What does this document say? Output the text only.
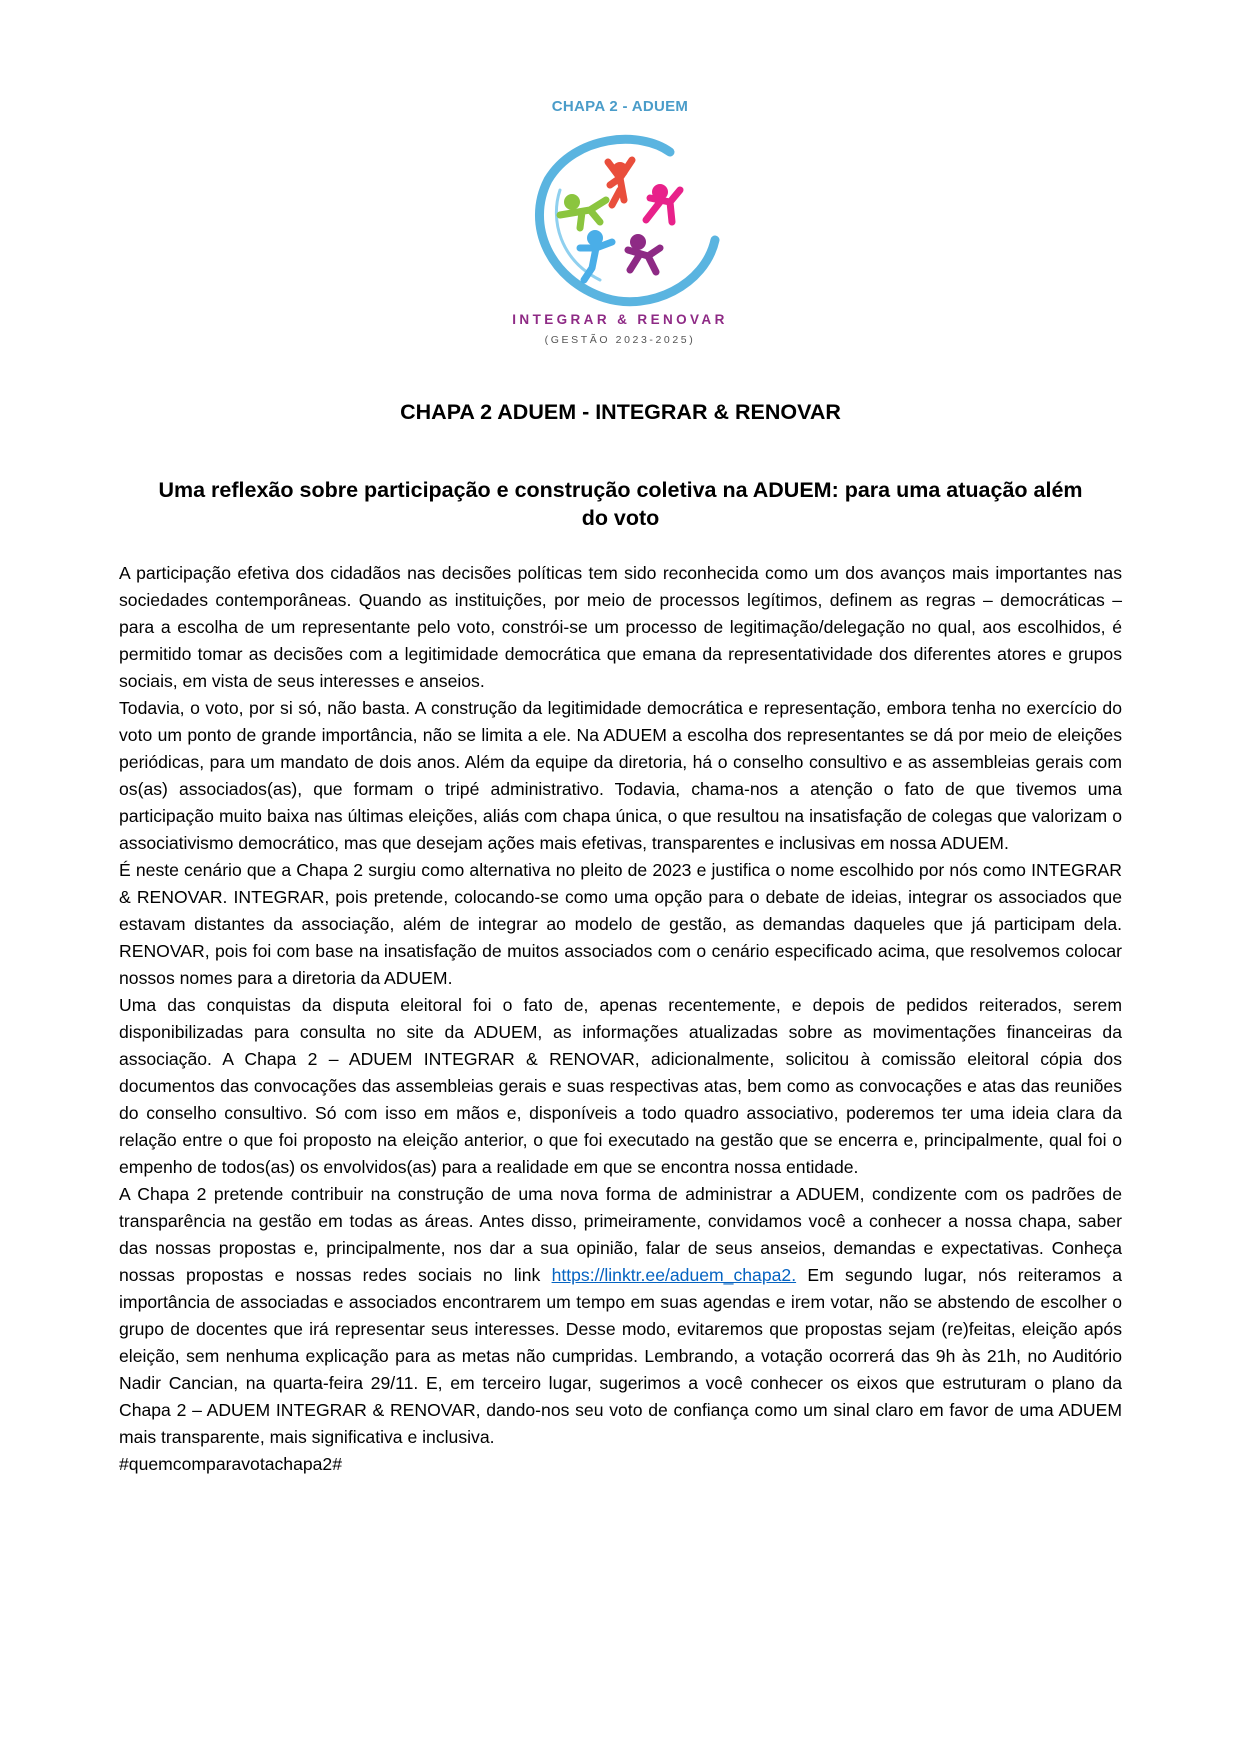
CHAPA 2 - ADUEM
INTEGRAR & RENOVAR
(GESTÃO 2023-2025)
CHAPA 2 ADUEM - INTEGRAR & RENOVAR
Uma reflexão sobre participação e construção coletiva na ADUEM: para uma atuação além do voto

A participação efetiva dos cidadãos nas decisões políticas tem sido reconhecida como um dos avanços mais importantes nas sociedades contemporâneas. Quando as instituições, por meio de processos legítimos, definem as regras – democráticas – para a escolha de um representante pelo voto, constrói-se um processo de legitimação/delegação no qual, aos escolhidos, é permitido tomar as decisões com a legitimidade democrática que emana da representatividade dos diferentes atores e grupos sociais, em vista de seus interesses e anseios.

Todavia, o voto, por si só, não basta. A construção da legitimidade democrática e representação, embora tenha no exercício do voto um ponto de grande importância, não se limita a ele. Na ADUEM a escolha dos representantes se dá por meio de eleições periódicas, para um mandato de dois anos. Além da equipe da diretoria, há o conselho consultivo e as assembleias gerais com os(as) associados(as), que formam o tripé administrativo. Todavia, chama-nos a atenção o fato de que tivemos uma participação muito baixa nas últimas eleições, aliás com chapa única, o que resultou na insatisfação de colegas que valorizam o associativismo democrático, mas que desejam ações mais efetivas, transparentes e inclusivas em nossa ADUEM.

É neste cenário que a Chapa 2 surgiu como alternativa no pleito de 2023 e justifica o nome escolhido por nós como INTEGRAR & RENOVAR. INTEGRAR, pois pretende, colocando-se como uma opção para o debate de ideias, integrar os associados que estavam distantes da associação, além de integrar ao modelo de gestão, as demandas daqueles que já participam dela. RENOVAR, pois foi com base na insatisfação de muitos associados com o cenário especificado acima, que resolvemos colocar nossos nomes para a diretoria da ADUEM.

Uma das conquistas da disputa eleitoral foi o fato de, apenas recentemente, e depois de pedidos reiterados, serem disponibilizadas para consulta no site da ADUEM, as informações atualizadas sobre as movimentações financeiras da associação. A Chapa 2 – ADUEM INTEGRAR & RENOVAR, adicionalmente, solicitou à comissão eleitoral cópia dos documentos das convocações das assembleias gerais e suas respectivas atas, bem como as convocações e atas das reuniões do conselho consultivo. Só com isso em mãos e, disponíveis a todo quadro associativo, poderemos ter uma ideia clara da relação entre o que foi proposto na eleição anterior, o que foi executado na gestão que se encerra e, principalmente, qual foi o empenho de todos(as) os envolvidos(as) para a realidade em que se encontra nossa entidade.

A Chapa 2 pretende contribuir na construção de uma nova forma de administrar a ADUEM, condizente com os padrões de transparência na gestão em todas as áreas. Antes disso, primeiramente, convidamos você a conhecer a nossa chapa, saber das nossas propostas e, principalmente, nos dar a sua opinião, falar de seus anseios, demandas e expectativas. Conheça nossas propostas e nossas redes sociais no link https://linktr.ee/aduem_chapa2. Em segundo lugar, nós reiteramos a importância de associadas e associados encontrarem um tempo em suas agendas e irem votar, não se abstendo de escolher o grupo de docentes que irá representar seus interesses. Desse modo, evitaremos que propostas sejam (re)feitas, eleição após eleição, sem nenhuma explicação para as metas não cumpridas. Lembrando, a votação ocorrerá das 9h às 21h, no Auditório Nadir Cancian, na quarta-feira 29/11. E, em terceiro lugar, sugerimos a você conhecer os eixos que estruturam o plano da Chapa 2 – ADUEM INTEGRAR & RENOVAR, dando-nos seu voto de confiança como um sinal claro em favor de uma ADUEM mais transparente, mais significativa e inclusiva.

#quemcomparavotachapa2#
